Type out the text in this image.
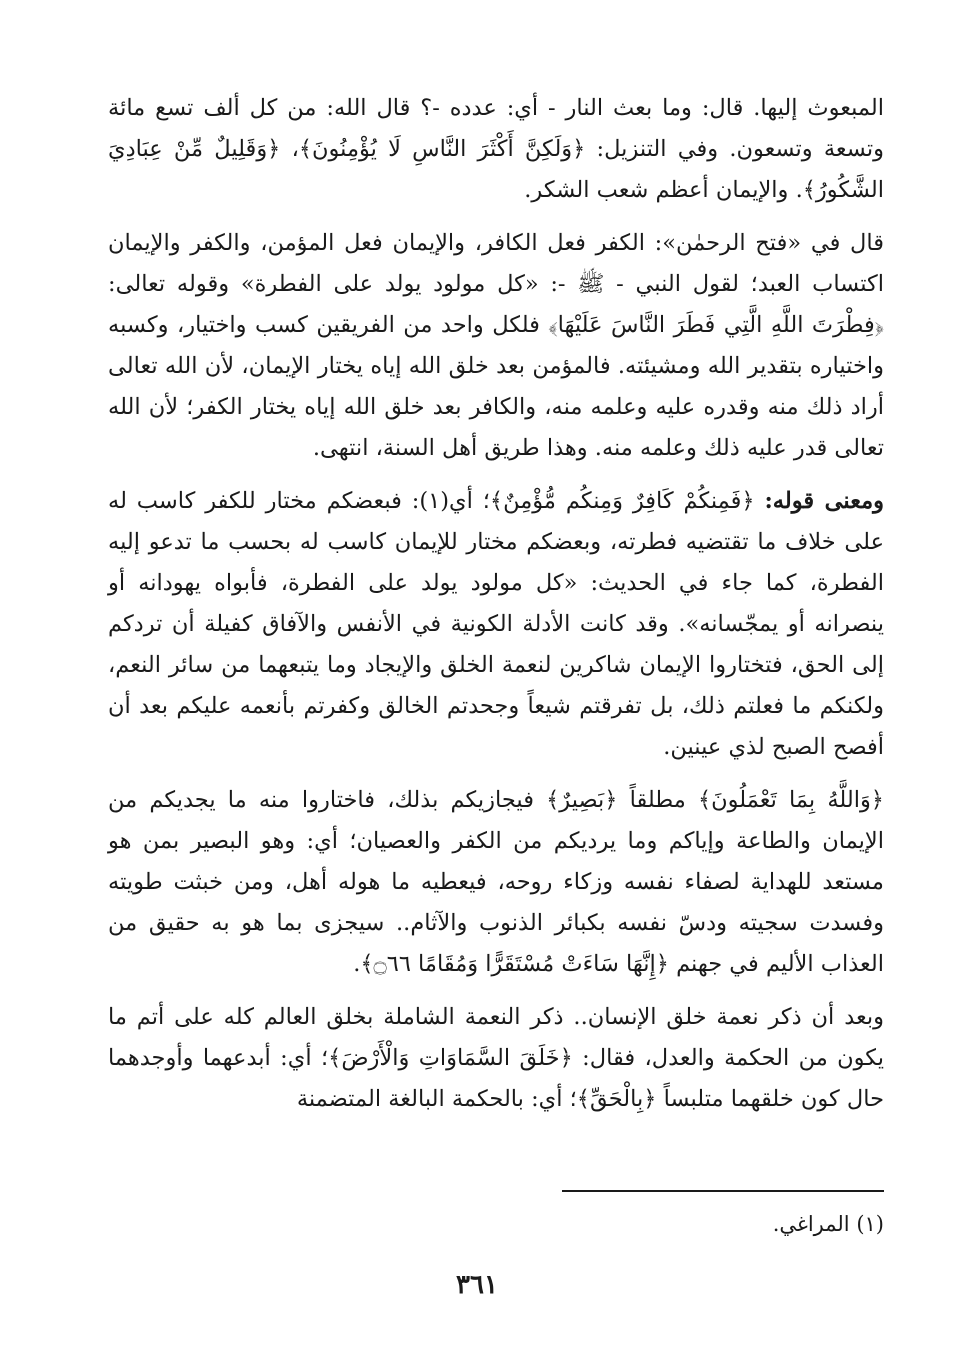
المبعوث إليها. قال: وما بعث النار - أي: عدده -؟ قال الله: من كل ألف تسع مائة وتسعة وتسعون. وفي التنزيل: ﴿وَلَكِنَّ أَكْثَرَ النَّاسِ لَا يُؤْمِنُونَ﴾، ﴿وَقَلِيلٌ مِّنْ عِبَادِيَ الشَّكُورُ﴾. والإيمان أعظم شعب الشكر.

قال في «فتح الرحمٰن»: الكفر فعل الكافر، والإيمان فعل المؤمن، والكفر والإيمان اكتساب العبد؛ لقول النبي - ﷺ -: «كل مولود يولد على الفطرة» وقوله تعالى: ﴿فِطْرَتَ اللَّهِ الَّتِي فَطَرَ النَّاسَ عَلَيْهَا﴾ فلكل واحد من الفريقين كسب واختيار، وكسبه واختياره بتقدير الله ومشيئته. فالمؤمن بعد خلق الله إياه يختار الإيمان، لأن الله تعالى أراد ذلك منه وقدره عليه وعلمه منه، والكافر بعد خلق الله إياه يختار الكفر؛ لأن الله تعالى قدر عليه ذلك وعلمه منه. وهذا طريق أهل السنة، انتهى.

ومعنى قوله: ﴿فَمِنكُمْ كَافِرٌ وَمِنكُم مُّؤْمِنٌ﴾؛ أي(١): فبعضكم مختار للكفر كاسب له على خلاف ما تقتضيه فطرته، وبعضكم مختار للإيمان كاسب له بحسب ما تدعو إليه الفطرة، كما جاء في الحديث: «كل مولود يولد على الفطرة، فأبواه يهودانه أو ينصرانه أو يمجّسانه». وقد كانت الأدلة الكونية في الأنفس والآفاق كفيلة أن تردكم إلى الحق، فتختاروا الإيمان شاكرين لنعمة الخلق والإيجاد وما يتبعهما من سائر النعم، ولكنكم ما فعلتم ذلك، بل تفرقتم شيعاً وجحدتم الخالق وكفرتم بأنعمه عليكم بعد أن أفصح الصبح لذي عينين.

﴿وَاللَّهُ بِمَا تَعْمَلُونَ﴾ مطلقاً ﴿بَصِيرٌ﴾ فيجازيكم بذلك، فاختاروا منه ما يجديكم من الإيمان والطاعة وإياكم وما يرديكم من الكفر والعصيان؛ أي: وهو البصير بمن هو مستعد للهداية لصفاء نفسه وزكاء روحه، فيعطيه ما هوله أهل، ومن خبثت طويته وفسدت سجيته ودسّ نفسه بكبائر الذنوب والآثام.. سيجزى بما هو به حقيق من العذاب الأليم في جهنم ﴿إِنَّهَا سَاءَتْ مُسْتَقَرًّا وَمُقَامًا ۝٦٦﴾.

وبعد أن ذكر نعمة خلق الإنسان.. ذكر النعمة الشاملة بخلق العالم كله على أتم ما يكون من الحكمة والعدل، فقال: ﴿خَلَقَ السَّمَاوَاتِ وَالْأَرْضَ﴾؛ أي: أبدعهما وأوجدهما حال كون خلقهما متلبساً ﴿بِالْحَقِّ﴾؛ أي: بالحكمة البالغة المتضمنة

(١) المراغي.
٣٦١
